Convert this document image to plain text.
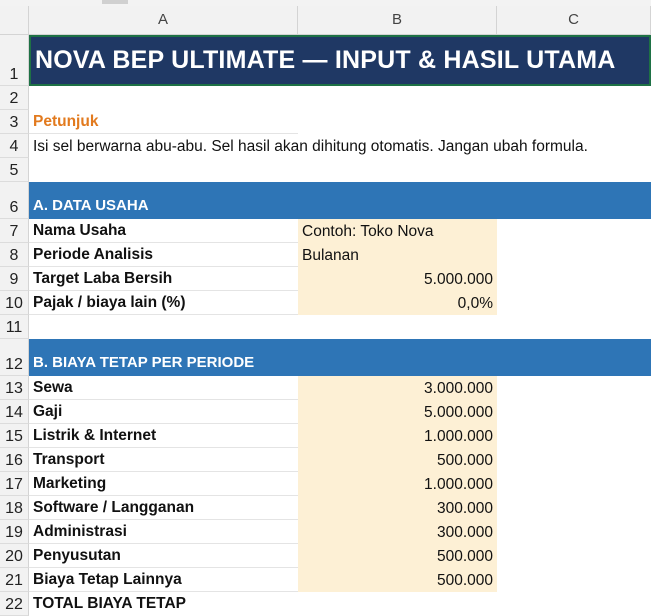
A	B	C
1
NOVA BEP ULTIMATE — INPUT & HASIL UTAMA
2
3 Petunjuk
4 Isi sel berwarna abu-abu. Sel hasil akan dihitung otomatis. Jangan ubah formula.
5
6 A. DATA USAHA
7 Nama Usaha	Contoh: Toko Nova
8 Periode Analisis	Bulanan
9 Target Laba Bersih	5.000.000
10 Pajak / biaya lain (%)	0,0%
11
12 B. BIAYA TETAP PER PERIODE
13 Sewa	3.000.000
14 Gaji	5.000.000
15 Listrik & Internet	1.000.000
16 Transport	500.000
17 Marketing	1.000.000
18 Software / Langganan	300.000
19 Administrasi	300.000
20 Penyusutan	500.000
21 Biaya Tetap Lainnya	500.000
22 TOTAL BIAYA TETAP
